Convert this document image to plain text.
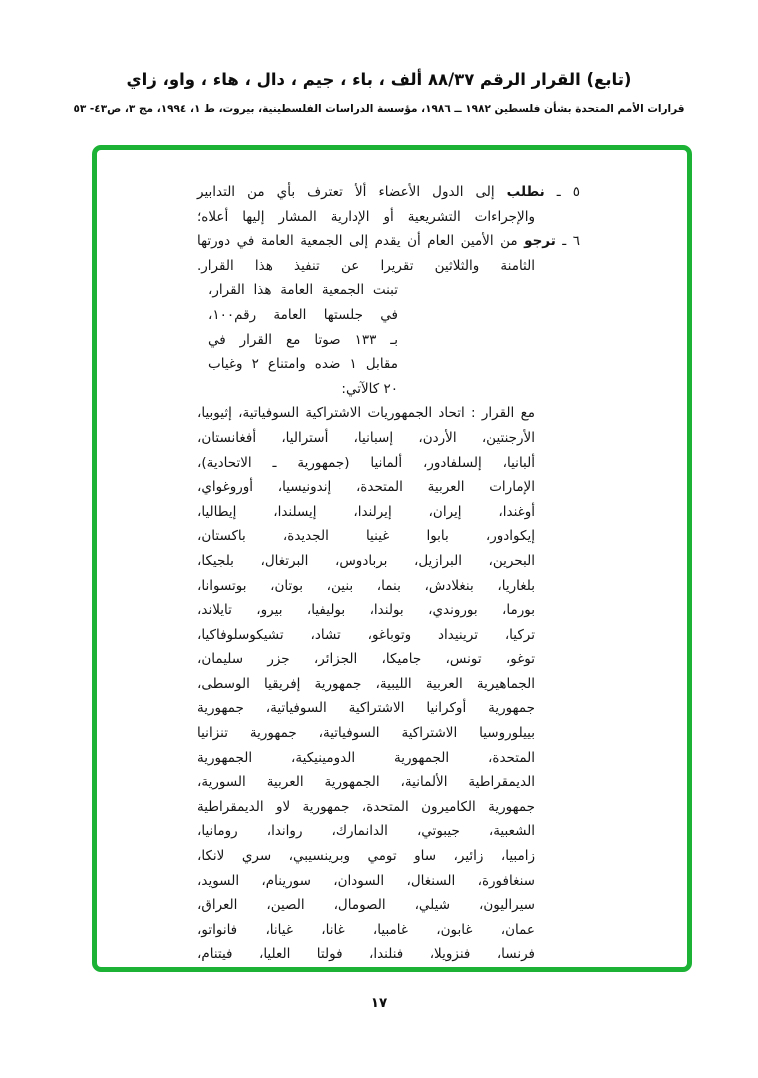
(تابع) القرار الرقم ٨٨/٣٧ ألف ، باء ، جيم ، دال ، هاء ، واو، زاي
قرارات الأمم المتحدة بشأن فلسطين ١٩٨٢ ــ ١٩٨٦، مؤسسة الدراسات الفلسطينية، بيروت، ط ١، ١٩٩٤، مج ٣، ص٤٣- ٥٣
٥ ـ نطلب إلى الدول الأعضاء ألأ تعترف بأي من التدابير
والإجراءات التشريعية أو الإدارية المشار إليها أعلاه؛
٦ ـ ترجو من الأمين العام أن يقدم إلى الجمعية العامة في دورتها
الثامنة والثلاثين تقريرا عن تنفيذ هذا القرار.
تبنت الجمعية العامة هذا القرار،
في جلستها العامة رقم١٠٠،
بـ ١٣٣ صوتا مع القرار في
مقابل ١ ضده وامتناع ٢ وغياب
٢٠ كالآتي:
مع القرار : اتحاد الجمهوريات الاشتراكية السوفياتية، إثيوبيا،
الأرجنتين، الأردن، إسبانيا، أستراليا، أفغانستان،
ألبانيا، إلسلفادور، ألمانيا (جمهورية ـ الاتحادية)،
الإمارات العربية المتحدة، إندونيسيا، أوروغواي،
أوغندا، إيران، إيرلندا، إيسلندا، إيطاليا،
إيكوادور، بابوا غينيا الجديدة، باكستان،
البحرين، البرازيل، بربادوس، البرتغال، بلجيكا،
بلغاريا، بنغلادش، بنما، بنين، بوتان، بوتسوانا،
بورما، بوروندي، بولندا، بوليفيا، بيرو، تايلاند،
تركيا، ترينيداد وتوباغو، تشاد، تشيكوسلوفاكيا،
توغو، تونس، جاميكا، الجزائر، جزر سليمان،
الجماهيرية العربية الليبية، جمهورية إفريقيا الوسطى،
جمهورية أوكرانيا الاشتراكية السوفياتية، جمهورية
بييلوروسيا الاشتراكية السوفياتية، جمهورية تنزانيا
المتحدة، الجمهورية الدومينيكية، الجمهورية
الديمقراطية الألمانية، الجمهورية العربية السورية،
جمهورية الكاميرون المتحدة، جمهورية لاو الديمقراطية
الشعبية، جيبوتي، الدانمارك، رواندا، رومانيا،
زامبيا، زائير، ساو تومي وبرينسيبي، سري لانكا،
سنغافورة، السنغال، السودان، سورينام، السويد،
سيراليون، شيلي، الصومال، الصين، العراق،
عمان، غابون، غامبيا، غانا، غيانا، فانواتو،
فرنسا، فنزويلا، فنلندا، فولتا العليا، فيتنام،
١٧
